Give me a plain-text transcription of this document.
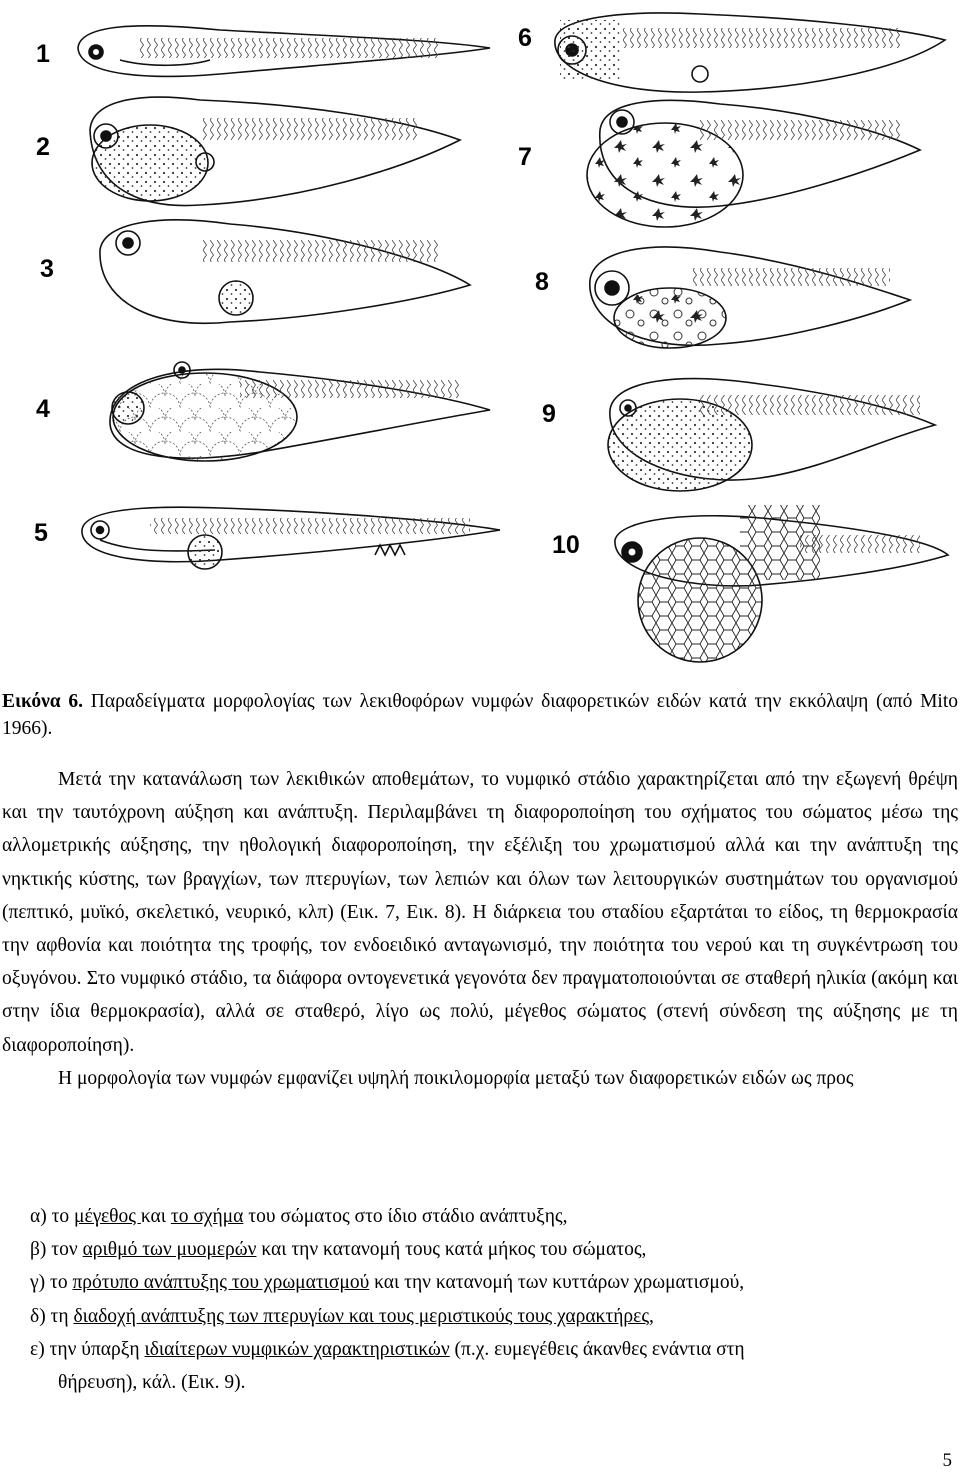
1
2
3
4
5
6
7
8
9
10
Εικόνα 6. Παραδείγματα μορφολογίας των λεκιθοφόρων νυμφών διαφορετικών ειδών κατά την εκκόλαψη (από Mito 1966).

Μετά την κατανάλωση των λεκιθικών αποθεμάτων, το νυμφικό στάδιο χαρακτηρίζεται από την εξωγενή θρέψη και την ταυτόχρονη αύξηση και ανάπτυξη. Περιλαμβάνει τη διαφοροποίηση του σχήματος του σώματος μέσω της αλλομετρικής αύξησης, την ηθολογική διαφοροποίηση, την εξέλιξη του χρωματισμού αλλά και την ανάπτυξη της νηκτικής κύστης, των βραγχίων, των πτερυγίων, των λεπιών και όλων των λειτουργικών συστημάτων του οργανισμού (πεπτικό, μυϊκό, σκελετικό, νευρικό, κλπ) (Εικ. 7, Εικ. 8). Η διάρκεια του σταδίου εξαρτάται το είδος, τη θερμοκρασία την αφθονία και ποιότητα της τροφής, τον ενδοειδικό ανταγωνισμό, την ποιότητα του νερού και τη συγκέντρωση του οξυγόνου. Στο νυμφικό στάδιο, τα διάφορα οντογενετικά γεγονότα δεν πραγματοποιούνται σε σταθερή ηλικία (ακόμη και στην ίδια θερμοκρασία), αλλά σε σταθερό, λίγο ως πολύ, μέγεθος σώματος (στενή σύνδεση της αύξησης με τη διαφοροποίηση).

Η μορφολογία των νυμφών εμφανίζει υψηλή ποικιλομορφία μεταξύ των διαφορετικών ειδών ως προς

α) το μέγεθος και το σχήμα του σώματος στο ίδιο στάδιο ανάπτυξης,
β) τον αριθμό των μυομερών και την κατανομή τους κατά μήκος του σώματος,
γ) το πρότυπο ανάπτυξης του χρωματισμού και την κατανομή των κυττάρων χρωματισμού,
δ) τη διαδοχή ανάπτυξης των πτερυγίων και τους μεριστικούς τους χαρακτήρες,
ε) την ύπαρξη ιδιαίτερων νυμφικών χαρακτηριστικών (π.χ. ευμεγέθεις άκανθες ενάντια στη
θήρευση), κάλ. (Εικ. 9).
5
